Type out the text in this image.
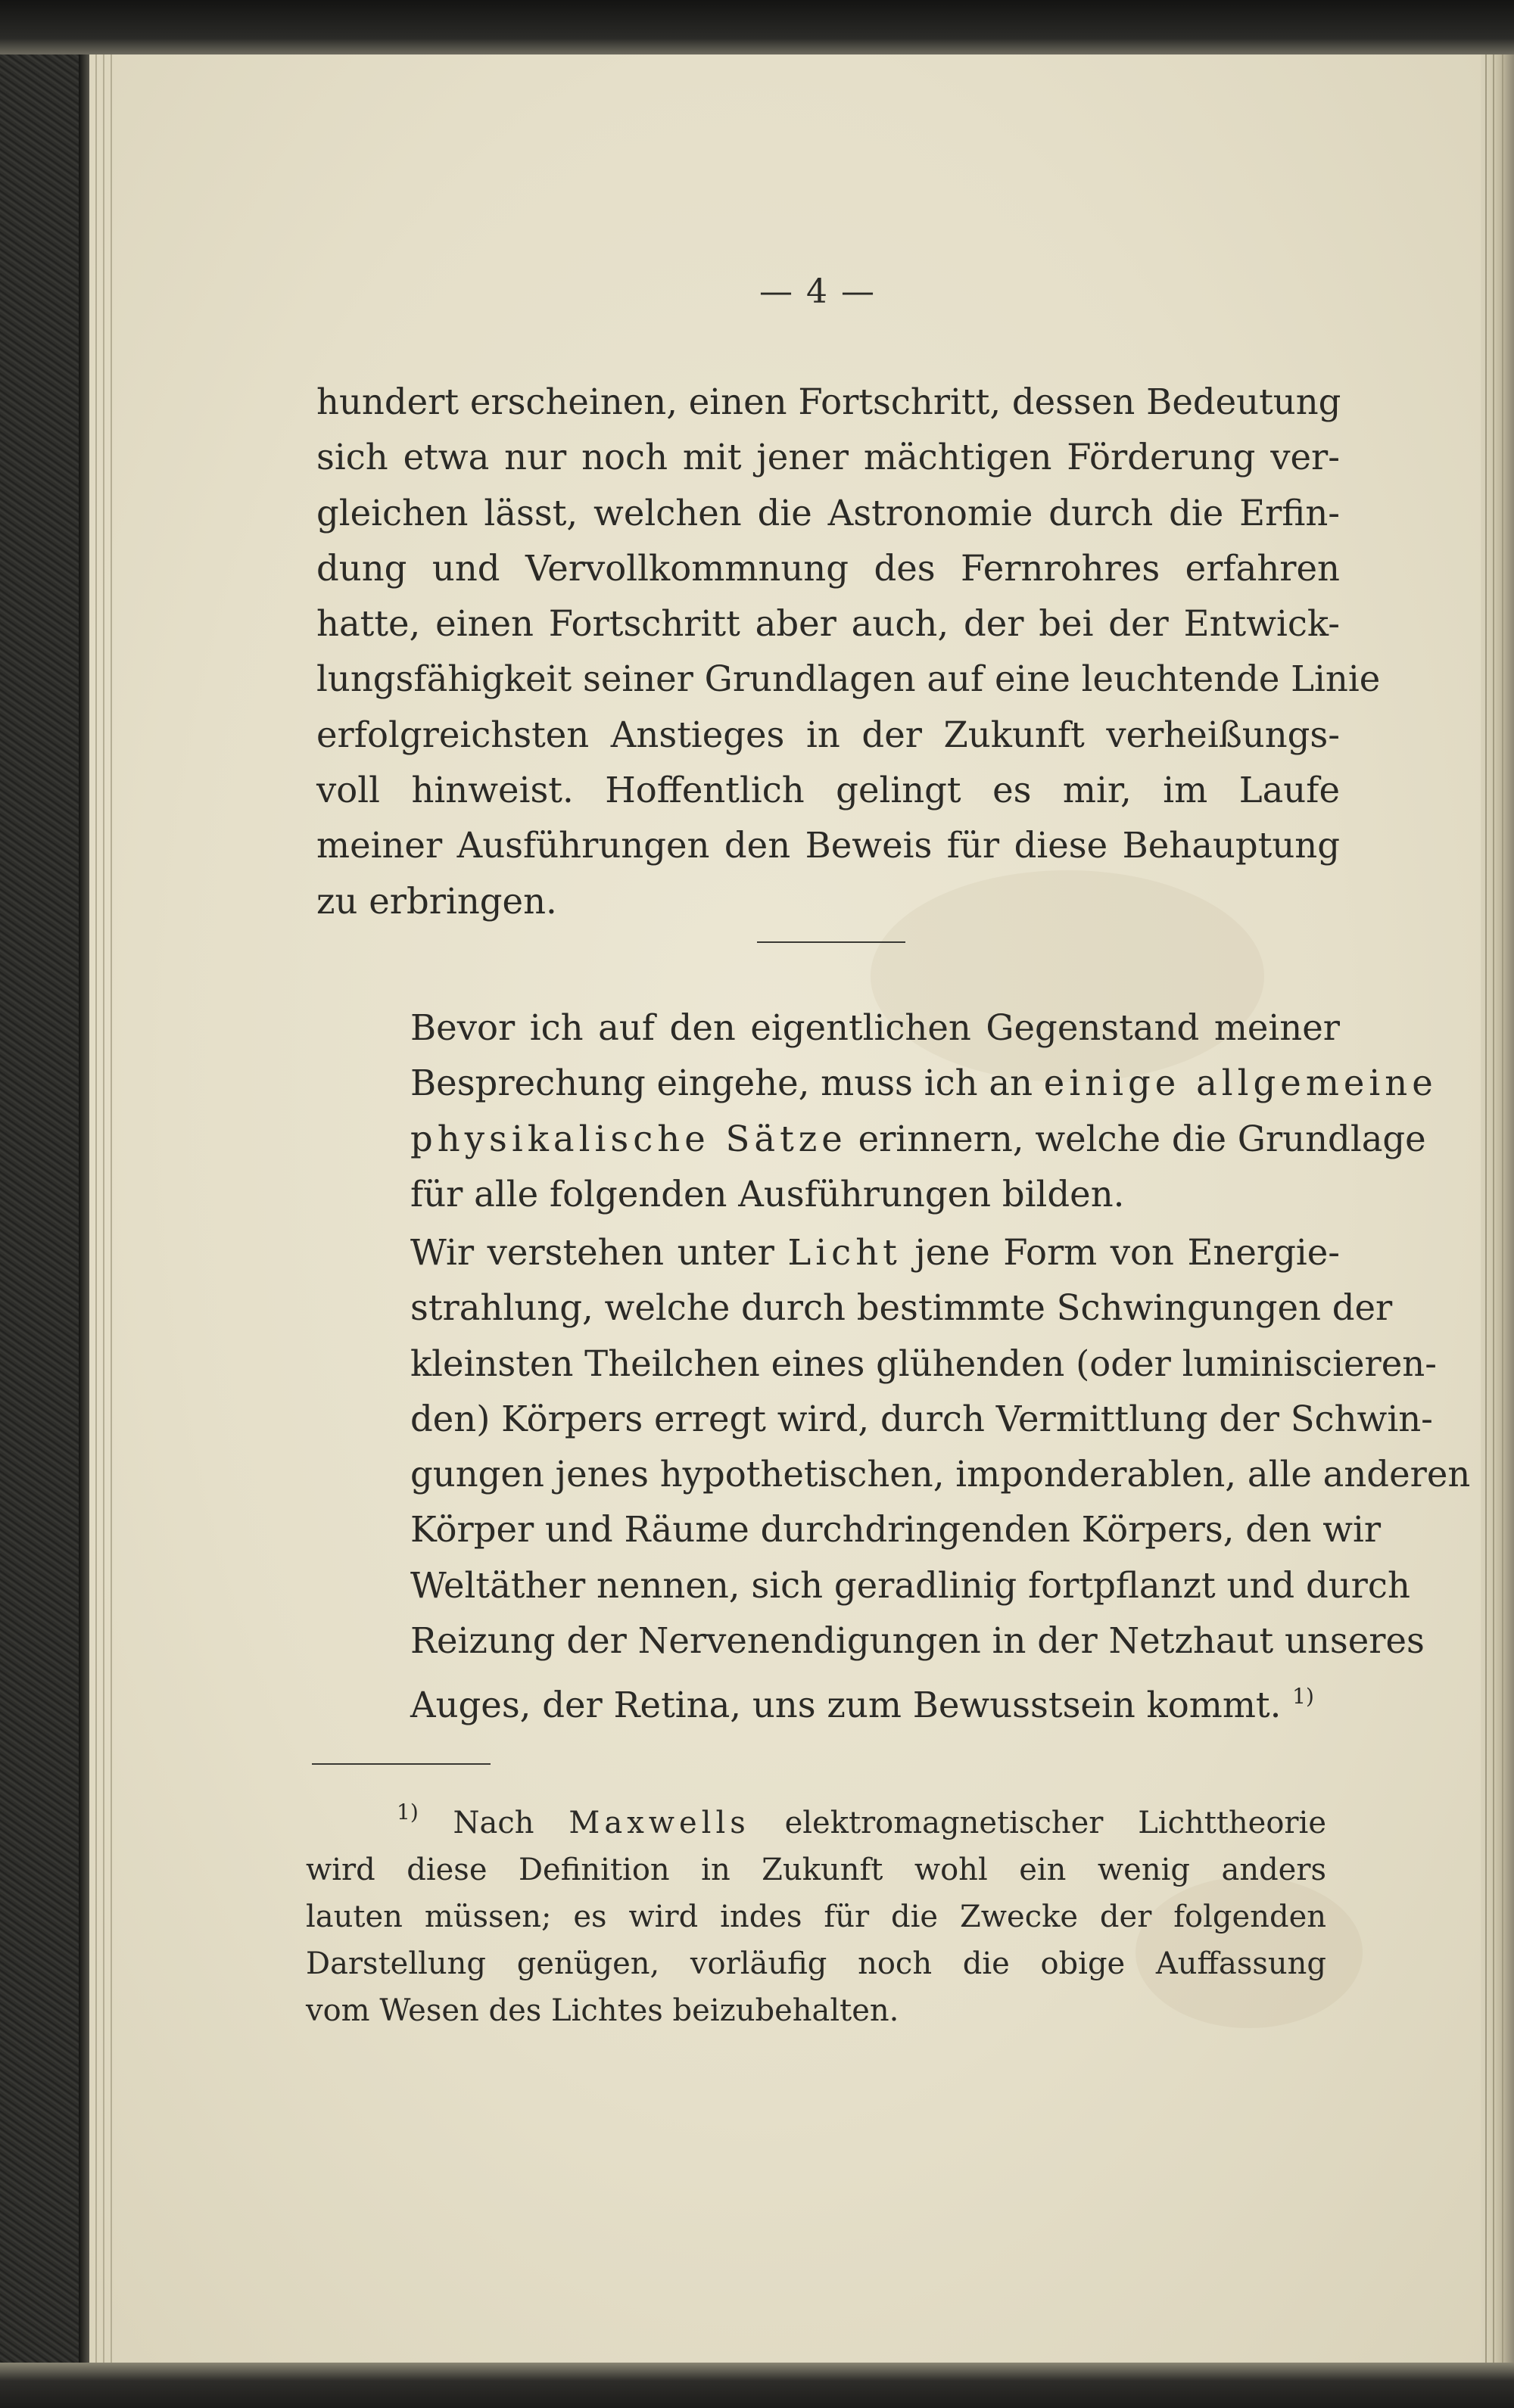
— 4 —
hundert erscheinen, einen Fortschritt, dessen Bedeutung
sich etwa nur noch mit jener mächtigen Förderung ver-
gleichen lässt, welchen die Astronomie durch die Erfin-
dung und Vervollkommnung des Fernrohres erfahren
hatte, einen Fortschritt aber auch, der bei der Entwick-
lungsfähigkeit seiner Grundlagen auf eine leuchtende Linie
erfolgreichsten Anstieges in der Zukunft verheißungs-
voll hinweist. Hoffentlich gelingt es mir, im Laufe
meiner Ausführungen den Beweis für diese Behauptung
zu erbringen.
Bevor ich auf den eigentlichen Gegenstand meiner
Besprechung eingehe, muss ich an einige allgemeine
physikalische Sätze erinnern, welche die Grundlage
für alle folgenden Ausführungen bilden.
Wir verstehen unter Licht jene Form von Energie-
strahlung, welche durch bestimmte Schwingungen der
kleinsten Theilchen eines glühenden (oder luminiscieren-
den) Körpers erregt wird, durch Vermittlung der Schwin-
gungen jenes hypothetischen, imponderablen, alle anderen
Körper und Räume durchdringenden Körpers, den wir
Weltäther nennen, sich geradlinig fortpflanzt und durch
Reizung der Nervenendigungen in der Netzhaut unseres
Auges, der Retina, uns zum Bewusstsein kommt. $^{1)}$
$^{1)}$ Nach Maxwells elektromagnetischer Lichttheorie
wird diese Definition in Zukunft wohl ein wenig anders
lauten müssen; es wird indes für die Zwecke der folgenden
Darstellung genügen, vorläufig noch die obige Auffassung
vom Wesen des Lichtes beizubehalten.
